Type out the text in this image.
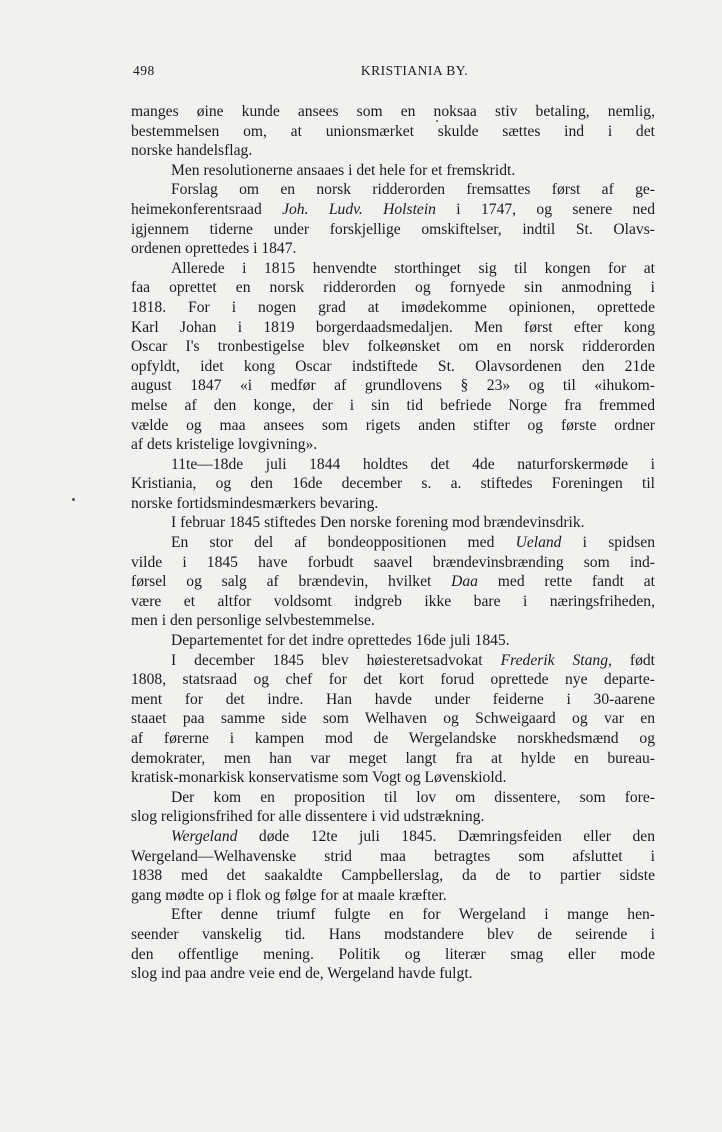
498	KRISTIANIA BY.

manges øine kunde ansees som en noksaa stiv betaling, nemlig,

bestemmelsen om, at unionsmærket skulde sættes ind i det

norske handelsflag.

Men resolutionerne ansaaes i det hele for et fremskridt.

Forslag om en norsk ridderorden fremsattes først af ge-

heimekonferentsraad Joh. Ludv. Holstein i 1747, og senere ned

igjennem tiderne under forskjellige omskiftelser, indtil St. Olavs-

ordenen oprettedes i 1847.

Allerede i 1815 henvendte storthinget sig til kongen for at

faa oprettet en norsk ridderorden og fornyede sin anmodning i

1818. For i nogen grad at imødekomme opinionen, oprettede

Karl Johan i 1819 borgerdaadsmedaljen. Men først efter kong

Oscar I's tronbestigelse blev folkeønsket om en norsk ridderorden

opfyldt, idet kong Oscar indstiftede St. Olavsordenen den 21de

august 1847 «i medfør af grundlovens § 23» og til «ihukom-

melse af den konge, der i sin tid befriede Norge fra fremmed

vælde og maa ansees som rigets anden stifter og første ordner

af dets kristelige lovgivning».

11te—18de juli 1844 holdtes det 4de naturforskermøde i

Kristiania, og den 16de december s. a. stiftedes Foreningen til

norske fortidsmindesmærkers bevaring.

I februar 1845 stiftedes Den norske forening mod brændevinsdrik.

En stor del af bondeoppositionen med Ueland i spidsen

vilde i 1845 have forbudt saavel brændevinsbrænding som ind-

førsel og salg af brændevin, hvilket Daa med rette fandt at

være et altfor voldsomt indgreb ikke bare i næringsfriheden,

men i den personlige selvbestemmelse.

Departementet for det indre oprettedes 16de juli 1845.

I december 1845 blev høiesteretsadvokat Frederik Stang, født

1808, statsraad og chef for det kort forud oprettede nye departe-

ment for det indre. Han havde under feiderne i 30-aarene

staaet paa samme side som Welhaven og Schweigaard og var en

af førerne i kampen mod de Wergelandske norskhedsmænd og

demokrater, men han var meget langt fra at hylde en bureau-

kratisk-monarkisk konservatisme som Vogt og Løvenskiold.

Der kom en proposition til lov om dissentere, som fore-

slog religionsfrihed for alle dissentere i vid udstrækning.

Wergeland døde 12te juli 1845. Dæmringsfeiden eller den

Wergeland—Welhavenske strid maa betragtes som afsluttet i

1838 med det saakaldte Campbellerslag, da de to partier sidste

gang mødte op i flok og følge for at maale kræfter.

Efter denne triumf fulgte en for Wergeland i mange hen-

seender vanskelig tid. Hans modstandere blev de seirende i

den offentlige mening. Politik og literær smag eller mode

slog ind paa andre veie end de, Wergeland havde fulgt.
